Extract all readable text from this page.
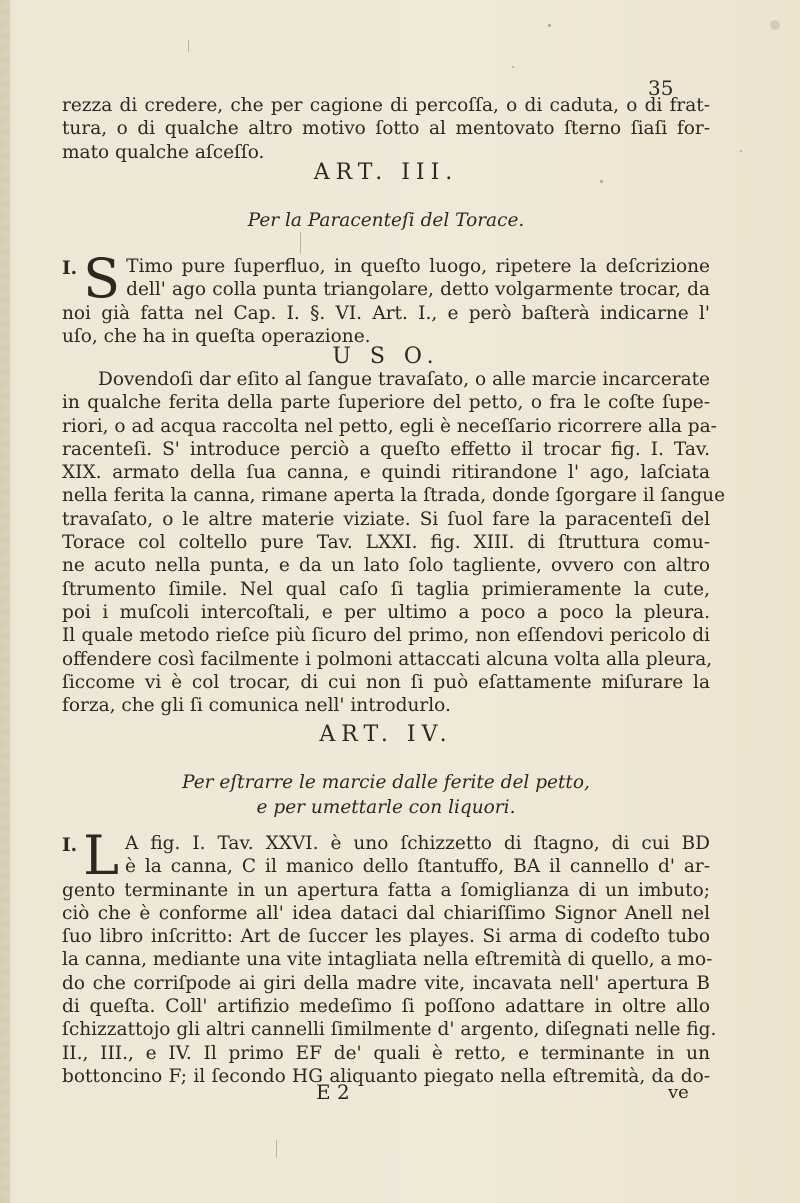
35
rezza di credere, che per cagione di percoſſa, o di caduta, o di frat-
tura, o di qualche altro motivo ſotto al mentovato ſterno ſiaſi for-
mato qualche aſceſſo.
ART. III.
Per la Paracenteſi del Torace.
I. S Timo pure ſuperfluo, in queſto luogo, ripetere la deſcrizione
dell' ago colla punta triangolare, detto volgarmente trocar, da
noi già fatta nel Cap. I. §. VI. Art. I., e però baſterà indicarne l'
uſo, che ha in queſta operazione.
U S O.
Dovendoſi dar eſito al ſangue travaſato, o alle marcie incarcerate
in qualche ferita della parte ſuperiore del petto, o fra le coſte ſupe-
riori, o ad acqua raccolta nel petto, egli è neceſſario ricorrere alla pa-
racenteſi. S' introduce perciò a queſto effetto il trocar fig. I. Tav.
XIX. armato della ſua canna, e quindi ritirandone l' ago, laſciata
nella ferita la canna, rimane aperta la ſtrada, donde ſgorgare il ſangue
travaſato, o le altre materie viziate. Si ſuol fare la paracenteſi del
Torace col coltello pure Tav. LXXI. fig. XIII. di ſtruttura comu-
ne acuto nella punta, e da un lato ſolo tagliente, ovvero con altro
ſtrumento ſimile. Nel qual caſo ſi taglia primieramente la cute,
poi i muſcoli intercoſtali, e per ultimo a poco a poco la pleura.
Il quale metodo rieſce più ſicuro del primo, non eſſendovi pericolo di
offendere così facilmente i polmoni attaccati alcuna volta alla pleura,
ſiccome vi è col trocar, di cui non ſi può eſattamente miſurare la
forza, che gli ſi comunica nell' introdurlo.
ART. IV.
Per eſtrarre le marcie dalle ferite del petto,
e per umettarle con liquori.
I. L A fig. I. Tav. XXVI. è uno ſchizzetto di ſtagno, di cui BD
è la canna, C il manico dello ſtantuffo, BA il cannello d' ar-
gento terminante in un apertura fatta a ſomiglianza di un imbuto;
ciò che è conforme all' idea dataci dal chiariſſimo Signor Anell nel
ſuo libro inſcritto: Art de ſuccer les playes. Si arma di codeſto tubo
la canna, mediante una vite intagliata nella eſtremità di quello, a mo-
do che corriſpode ai giri della madre vite, incavata nell' apertura B
di queſta. Coll' artifizio medeſimo ſi poſſono adattare in oltre allo
ſchizzattojo gli altri cannelli ſimilmente d' argento, diſegnati nelle fig.
II., III., e IV. Il primo EF de' quali è retto, e terminante in un
bottoncino F; il ſecondo HG aliquanto piegato nella eſtremità, da do-
E 2	ve
